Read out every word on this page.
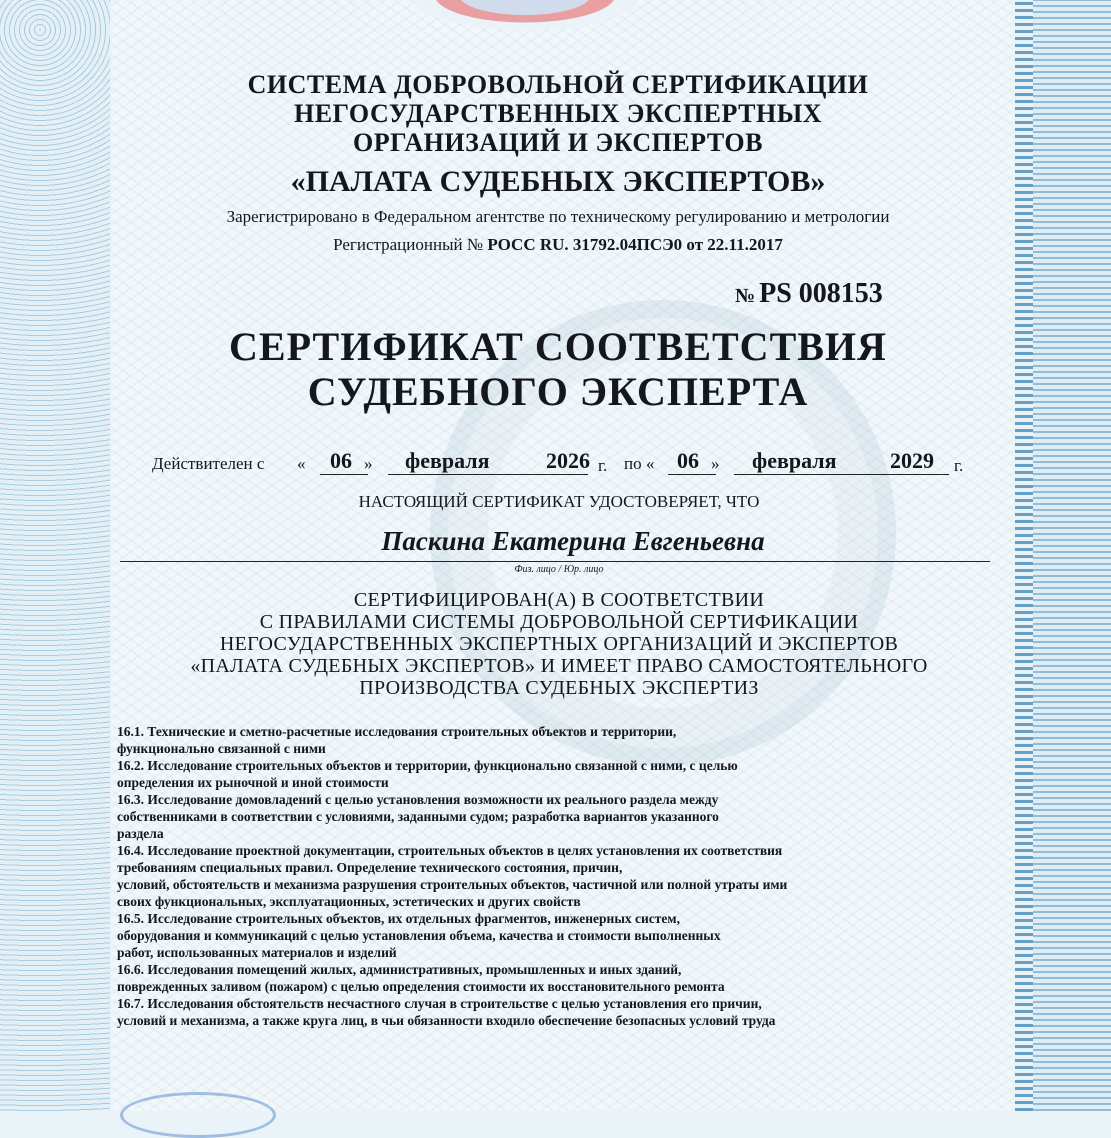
СИСТЕМА ДОБРОВОЛЬНОЙ СЕРТИФИКАЦИИ
НЕГОСУДАРСТВЕННЫХ ЭКСПЕРТНЫХ
ОРГАНИЗАЦИЙ И ЭКСПЕРТОВ
«ПАЛАТА СУДЕБНЫХ ЭКСПЕРТОВ»
Зарегистрировано в Федеральном агентстве по техническому регулированию и метрологии
Регистрационный № РОСС RU. 31792.04ПСЭ0 от 22.11.2017
№ PS 008153
СЕРТИФИКАТ СООТВЕТСТВИЯ
СУДЕБНОГО ЭКСПЕРТА
Действителен с « 06 » февраля	2026 г. по « 06 » февраля 2029 г.
НАСТОЯЩИЙ СЕРТИФИКАТ УДОСТОВЕРЯЕТ, ЧТО
Паскина Екатерина Евгеньевна
Физ. лицо / Юр. лицо
СЕРТИФИЦИРОВАН(А) В СООТВЕТСТВИИ
С ПРАВИЛАМИ СИСТЕМЫ ДОБРОВОЛЬНОЙ СЕРТИФИКАЦИИ
НЕГОСУДАРСТВЕННЫХ ЭКСПЕРТНЫХ ОРГАНИЗАЦИЙ И ЭКСПЕРТОВ
«ПАЛАТА СУДЕБНЫХ ЭКСПЕРТОВ» И ИМЕЕТ ПРАВО САМОСТОЯТЕЛЬНОГО
ПРОИЗВОДСТВА СУДЕБНЫХ ЭКСПЕРТИЗ
16.1. Технические и сметно-расчетные исследования строительных объектов и территории,
функционально связанной с ними
16.2. Исследование строительных объектов и территории, функционально связанной с ними, с целью
определения их рыночной и иной стоимости
16.3. Исследование домовладений с целью установления возможности их реального раздела между
собственниками в соответствии с условиями, заданными судом; разработка вариантов указанного
раздела
16.4. Исследование проектной документации, строительных объектов в целях установления их соответствия
требованиям специальных правил. Определение технического состояния, причин,
условий, обстоятельств и механизма разрушения строительных объектов, частичной или полной утраты ими
своих функциональных, эксплуатационных, эстетических и других свойств
16.5. Исследование строительных объектов, их отдельных фрагментов, инженерных систем,
оборудования и коммуникаций с целью установления объема, качества и стоимости выполненных
работ, использованных материалов и изделий
16.6. Исследования помещений жилых, административных, промышленных и иных зданий,
поврежденных заливом (пожаром) с целью определения стоимости их восстановительного ремонта
16.7. Исследования обстоятельств несчастного случая в строительстве с целью установления его причин,
условий и механизма, а также круга лиц, в чьи обязанности входило обеспечение безопасных условий труда
